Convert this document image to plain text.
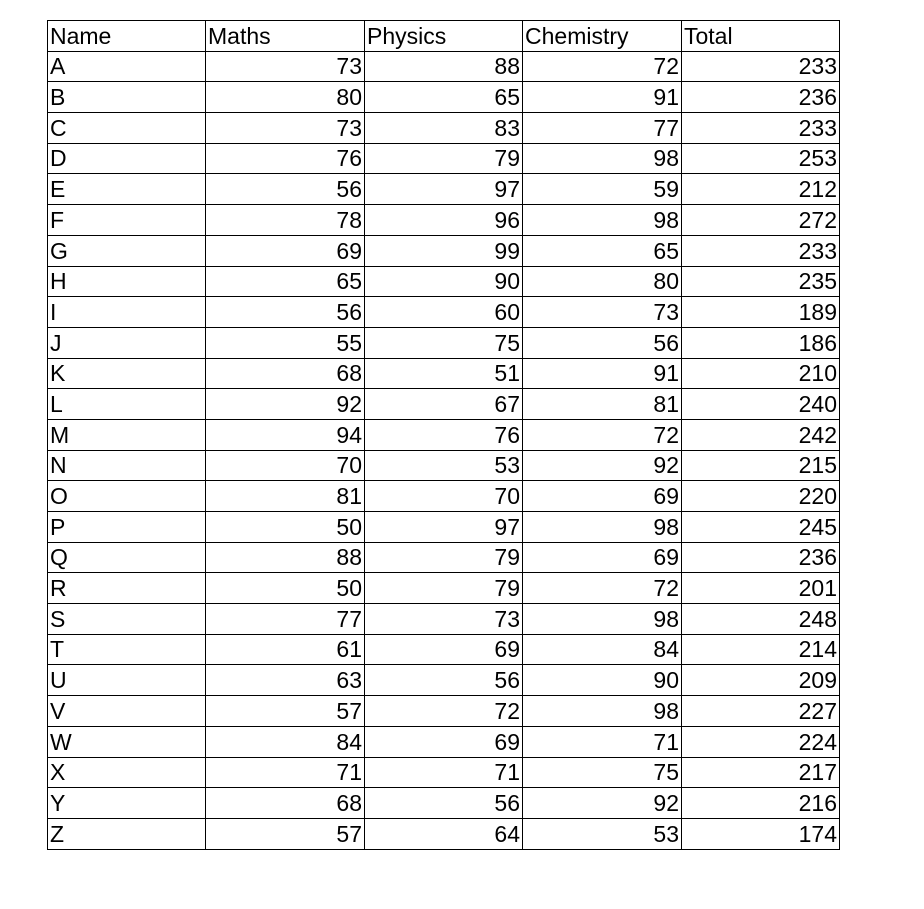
Name	Maths	Physics	Chemistry	Total
A	73	88	72	233
B	80	65	91	236
C	73	83	77	233
D	76	79	98	253
E	56	97	59	212
F	78	96	98	272
G	69	99	65	233
H	65	90	80	235
I	56	60	73	189
J	55	75	56	186
K	68	51	91	210
L	92	67	81	240
M	94	76	72	242
N	70	53	92	215
O	81	70	69	220
P	50	97	98	245
Q	88	79	69	236
R	50	79	72	201
S	77	73	98	248
T	61	69	84	214
U	63	56	90	209
V	57	72	98	227
W	84	69	71	224
X	71	71	75	217
Y	68	56	92	216
Z	57	64	53	174
